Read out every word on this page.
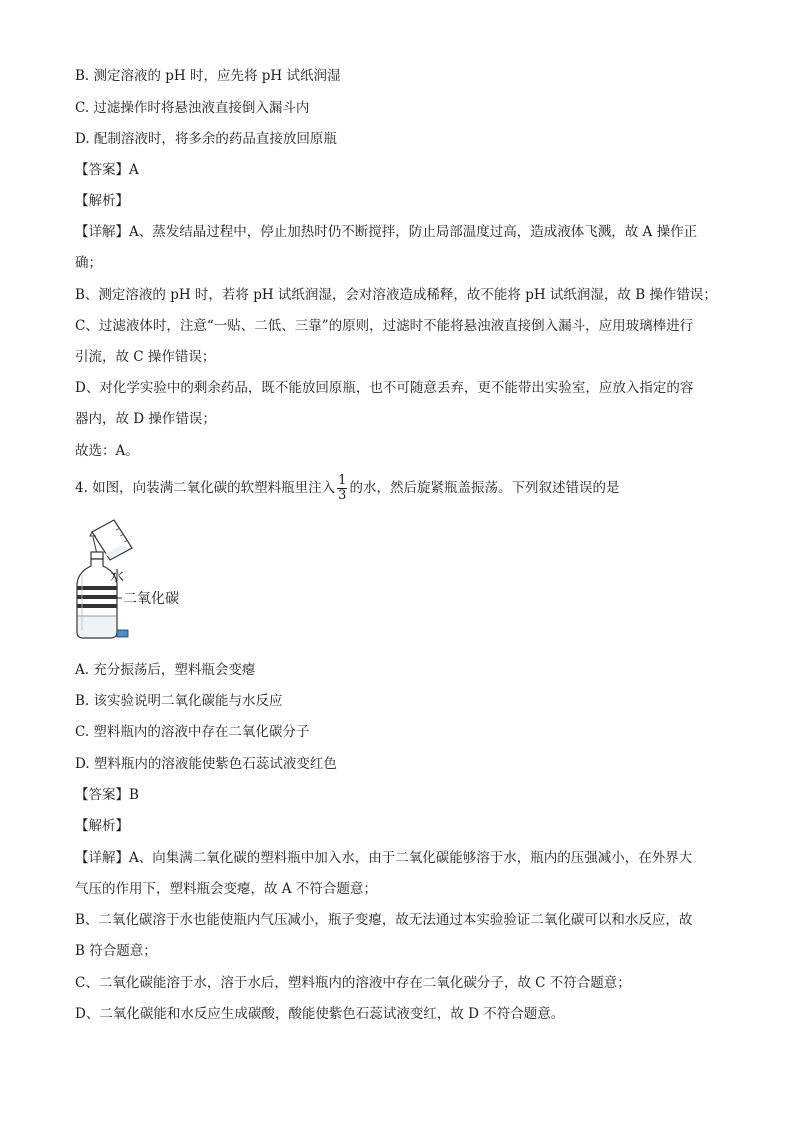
B. 测定溶液的 pH 时，应先将 pH 试纸润湿
C. 过滤操作时将悬浊液直接倒入漏斗内
D. 配制溶液时，将多余的药品直接放回原瓶
【答案】A
【解析】
【详解】A、蒸发结晶过程中，停止加热时仍不断搅拌，防止局部温度过高，造成液体飞溅，故 A 操作正
确；
B、测定溶液的 pH 时，若将 pH 试纸润湿，会对溶液造成稀释，故不能将 pH 试纸润湿，故 B 操作错误；
C、过滤液体时，注意“一贴、二低、三靠”的原则，过滤时不能将悬浊液直接倒入漏斗，应用玻璃棒进行
引流，故 C 操作错误；
D、对化学实验中的剩余药品，既不能放回原瓶，也不可随意丢弃，更不能带出实验室，应放入指定的容
器内，故 D 操作错误；
故选：A。
4. 如图，向装满二氧化碳的软塑料瓶里注入 $\frac{1}{3}$ 的水，然后旋紧瓶盖振荡。下列叙述错误的是
水
二氧化碳
A. 充分振荡后，塑料瓶会变瘪
B. 该实验说明二氧化碳能与水反应
C. 塑料瓶内的溶液中存在二氧化碳分子
D. 塑料瓶内的溶液能使紫色石蕊试液变红色
【答案】B
【解析】
【详解】A、向集满二氧化碳的塑料瓶中加入水，由于二氧化碳能够溶于水，瓶内的压强减小，在外界大
气压的作用下，塑料瓶会变瘪，故 A 不符合题意；
B、二氧化碳溶于水也能使瓶内气压减小，瓶子变瘪，故无法通过本实验验证二氧化碳可以和水反应，故
B 符合题意；
C、二氧化碳能溶于水，溶于水后，塑料瓶内的溶液中存在二氧化碳分子，故 C 不符合题意；
D、二氧化碳能和水反应生成碳酸，酸能使紫色石蕊试液变红，故 D 不符合题意。
